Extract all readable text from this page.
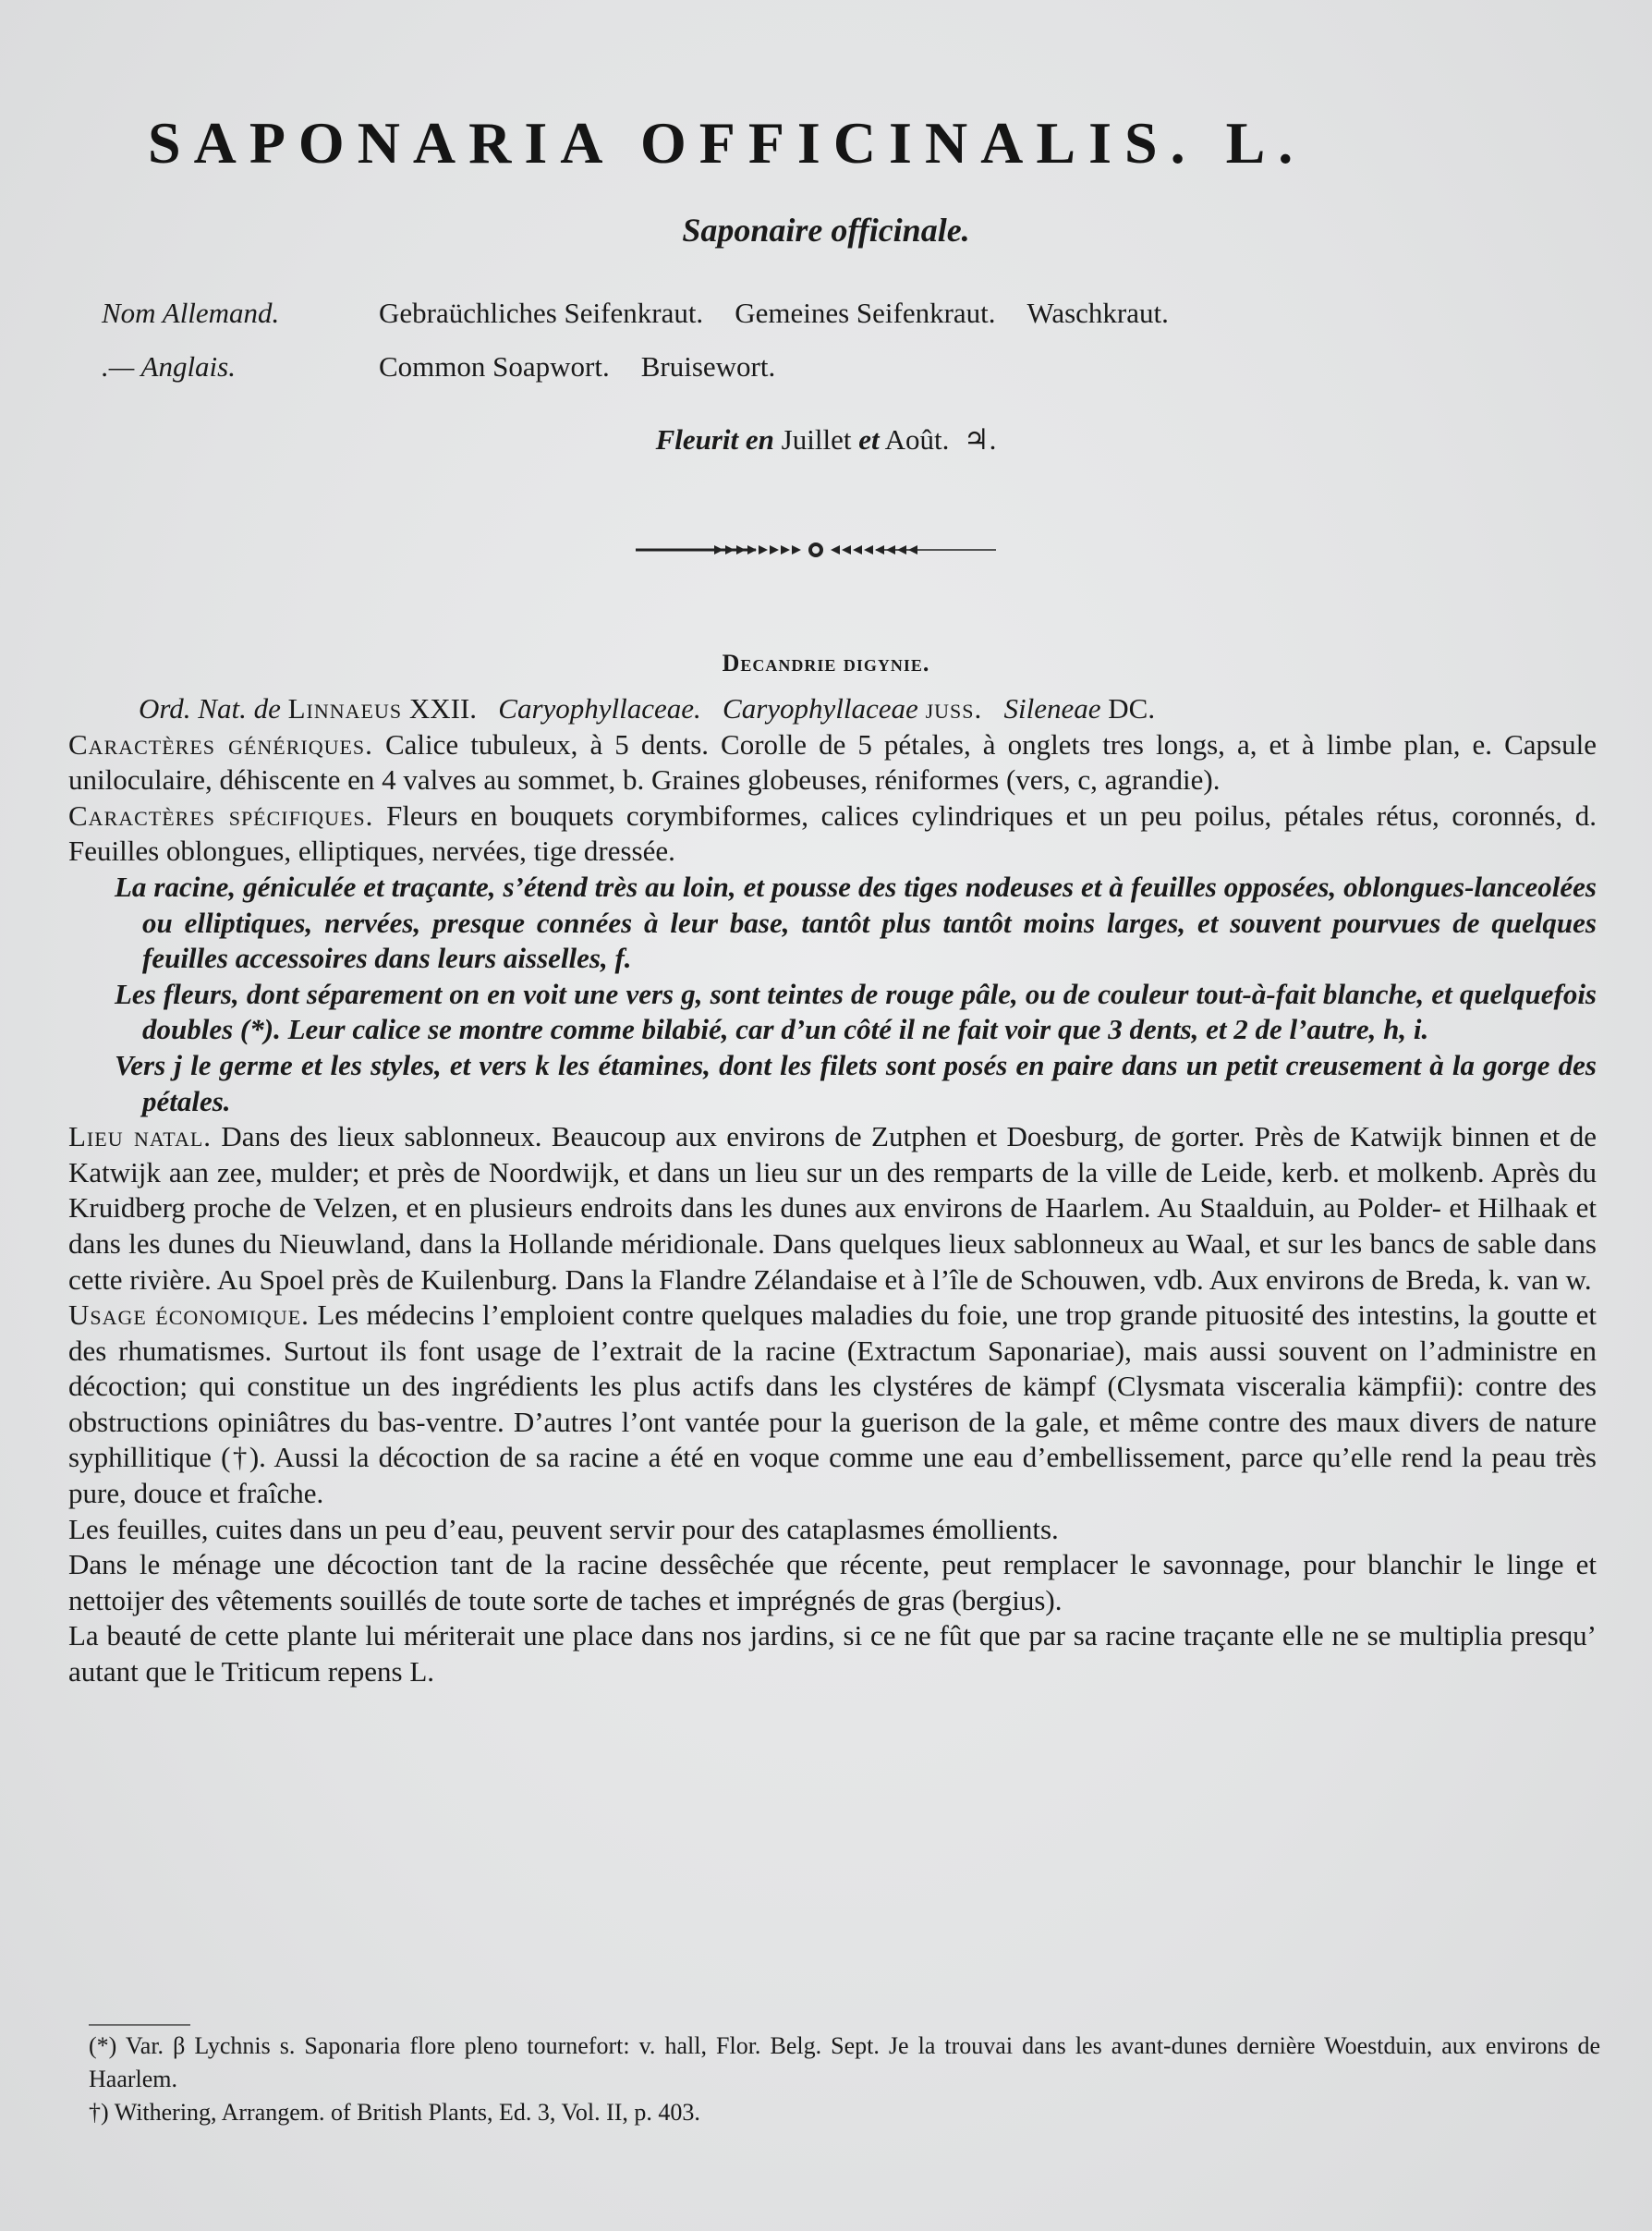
SAPONARIA OFFICINALIS. L.
Saponaire officinale.
Nom Allemand.	Gebraüchliches Seifenkraut. Gemeines Seifenkraut. Waschkraut.
.— Anglais.	Common Soapwort. Bruisewort.
Fleurit en Juillet et Août. ♃.
Decandrie digynie.

Ord. Nat. de Linnaeus XXII. Caryophyllaceae. Caryophyllaceae juss. Sileneae DC.

Caractères génériques. Calice tubuleux, à 5 dents. Corolle de 5 pétales, à onglets tres longs, a, et à limbe plan, e. Capsule uniloculaire, déhiscente en 4 valves au sommet, b. Graines globeuses, réniformes (vers, c, agrandie).

Caractères spécifiques. Fleurs en bouquets corymbiformes, calices cylindriques et un peu poilus, pétales rétus, coronnés, d. Feuilles oblongues, elliptiques, nervées, tige dressée.

La racine, géniculée et traçante, s’étend très au loin, et pousse des tiges nodeuses et à feuilles opposées, oblongues-lanceolées ou elliptiques, nervées, presque connées à leur base, tantôt plus tantôt moins larges, et souvent pourvues de quelques feuilles accessoires dans leurs aisselles, f.

Les fleurs, dont séparement on en voit une vers g, sont teintes de rouge pâle, ou de couleur tout-à-fait blanche, et quelquefois doubles (*). Leur calice se montre comme bilabié, car d’un côté il ne fait voir que 3 dents, et 2 de l’autre, h, i.

Vers j le germe et les styles, et vers k les étamines, dont les filets sont posés en paire dans un petit creusement à la gorge des pétales.

Lieu natal. Dans des lieux sablonneux. Beaucoup aux environs de Zutphen et Doesburg, de gorter. Près de Katwijk binnen et de Katwijk aan zee, mulder; et près de Noordwijk, et dans un lieu sur un des remparts de la ville de Leide, kerb. et molkenb. Après du Kruidberg proche de Velzen, et en plusieurs endroits dans les dunes aux environs de Haarlem. Au Staalduin, au Polder- et Hilhaak et dans les dunes du Nieuwland, dans la Hollande méridionale. Dans quelques lieux sablonneux au Waal, et sur les bancs de sable dans cette rivière. Au Spoel près de Kuilenburg. Dans la Flandre Zélandaise et à l’île de Schouwen, vdb. Aux environs de Breda, k. van w.

Usage économique. Les médecins l’emploient contre quelques maladies du foie, une trop grande pituosité des intestins, la goutte et des rhumatismes. Surtout ils font usage de l’extrait de la racine (Extractum Saponariae), mais aussi souvent on l’administre en décoction; qui constitue un des ingrédients les plus actifs dans les clystéres de kämpf (Clysmata visceralia kämpfii): contre des obstructions opiniâtres du bas-ventre. D’autres l’ont vantée pour la guerison de la gale, et même contre des maux divers de nature syphillitique (†). Aussi la décoction de sa racine a été en voque comme une eau d’embellissement, parce qu’elle rend la peau très pure, douce et fraîche.

Les feuilles, cuites dans un peu d’eau, peuvent servir pour des cataplasmes émollients.

Dans le ménage une décoction tant de la racine dessêchée que récente, peut remplacer le savonnage, pour blanchir le linge et nettoijer des vêtements souillés de toute sorte de taches et imprégnés de gras (bergius).

La beauté de cette plante lui mériterait une place dans nos jardins, si ce ne fût que par sa racine traçante elle ne se multiplia presqu’ autant que le Triticum repens L.

(*) Var. β Lychnis s. Saponaria flore pleno tournefort: v. hall, Flor. Belg. Sept. Je la trouvai dans les avant-dunes dernière Woestduin, aux environs de Haarlem.

†) Withering, Arrangem. of British Plants, Ed. 3, Vol. II, p. 403.
